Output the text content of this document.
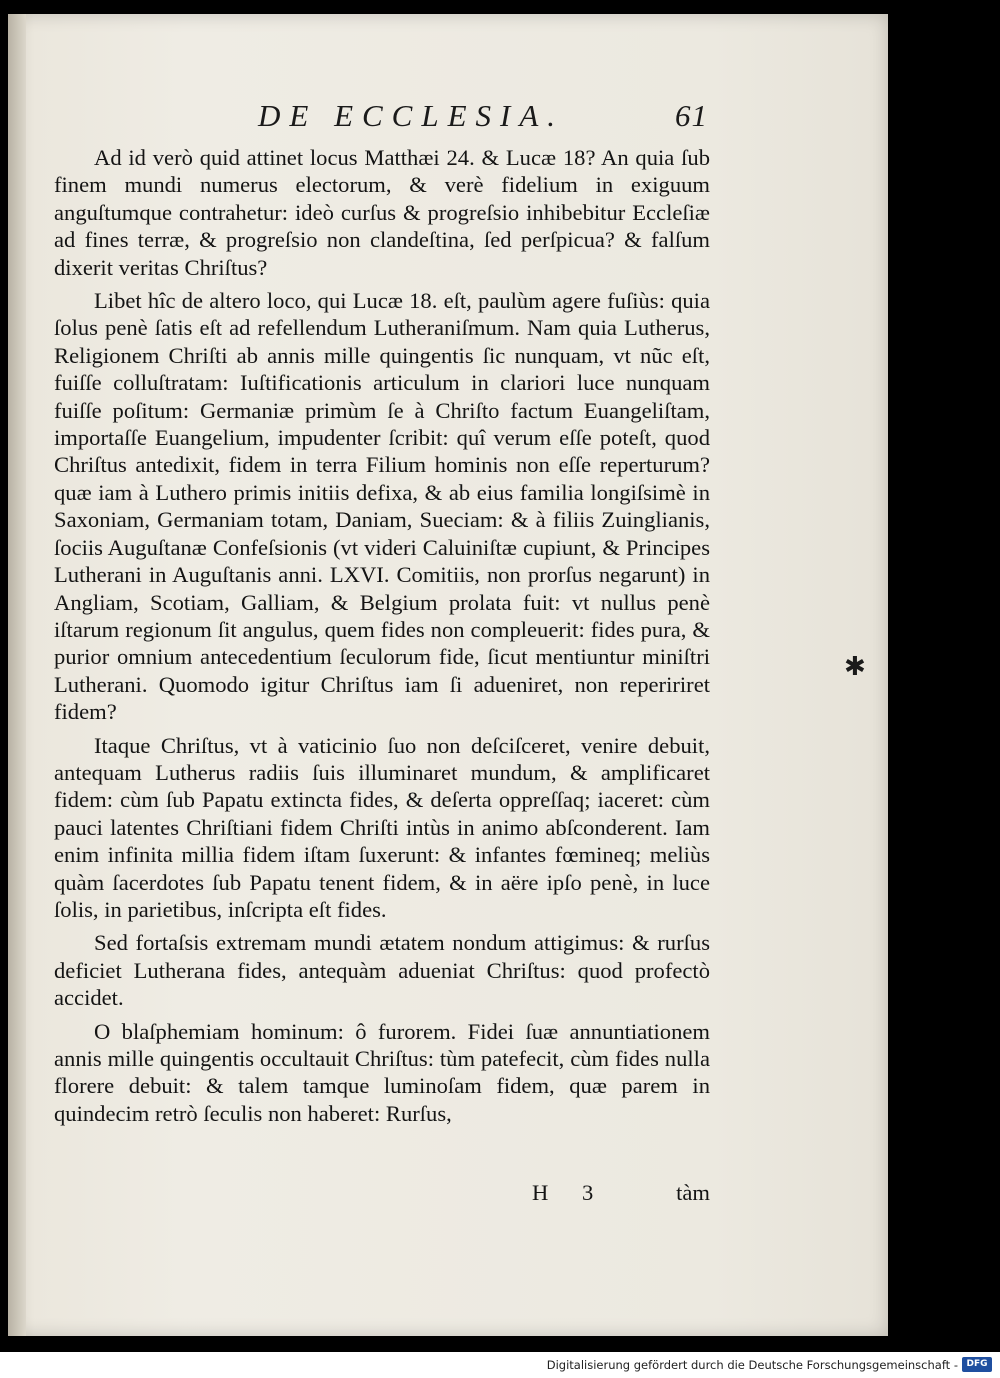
DE ECCLESIA.	61

Ad id verò quid attinet locus Matthæi 24. & Lucæ 18? An quia ſub finem mundi numerus electorum, & verè fidelium in exiguum anguſtumque contrahetur: ideò curſus & progreſsio inhibebitur Eccleſiæ ad fines terræ, & progreſsio non clandeſtina, ſed perſpicua? & falſum dixerit veritas Chriſtus?

Libet hîc de altero loco, qui Lucæ 18. eſt, paulùm agere fuſiùs: quia ſolus penè ſatis eſt ad refellendum Lutheraniſmum. Nam quia Lutherus, Religionem Chriſti ab annis mille quingentis ſic nunquam, vt nũc eſt, fuiſſe colluſtratam: Iuſtificationis articulum in clariori luce nunquam fuiſſe poſitum: Germaniæ primùm ſe à Chriſto factum Euangeliſtam, importaſſe Euangelium, impudenter ſcribit: quî verum eſſe poteſt, quod Chriſtus antedixit, fidem in terra Filium hominis non eſſe reperturum? quæ iam à Luthero primis initiis defixa, & ab eius familia longiſsimè in Saxoniam, Germaniam totam, Daniam, Sueciam: & à filiis Zuinglianis, ſociis Auguſtanæ Confeſsionis (vt videri Caluiniſtæ cupiunt, & Principes Lutherani in Auguſtanis anni. LXVI. Comitiis, non prorſus negarunt) in Angliam, Scotiam, Galliam, & Belgium prolata fuit: vt nullus penè iſtarum regionum ſit angulus, quem fides non compleuerit: fides pura, & purior omnium antecedentium ſeculorum fide, ſicut mentiuntur miniſtri Lutherani. Quomodo igitur Chriſtus iam ſi adueniret, non repeririret fidem?

Itaque Chriſtus, vt à vaticinio ſuo non deſciſceret, venire debuit, antequam Lutherus radiis ſuis illuminaret mundum, & amplificaret fidem: cùm ſub Papatu extincta fides, & deſerta oppreſſaq; iaceret: cùm pauci latentes Chriſtiani fidem Chriſti intùs in animo abſconderent. Iam enim infinita millia fidem iſtam ſuxerunt: & infantes fœmineq; meliùs quàm ſacerdotes ſub Papatu tenent fidem, & in aëre ipſo penè, in luce ſolis, in parietibus, inſcripta eſt fides.

Sed fortaſsis extremam mundi ætatem nondum attigimus: & rurſus deficiet Lutherana fides, antequàm adueniat Chriſtus: quod profectò accidet.

O blaſphemiam hominum: ô furorem. Fidei ſuæ annuntiationem annis mille quingentis occultauit Chriſtus: tùm patefecit, cùm fides nulla florere debuit: & talem tamque luminoſam fidem, quæ parem in quindecim retrò ſeculis non haberet: Rurſus,

H 3	tàm
✱
Digitalisierung gefördert durch die Deutsche Forschungsgemeinschaft - DFG
